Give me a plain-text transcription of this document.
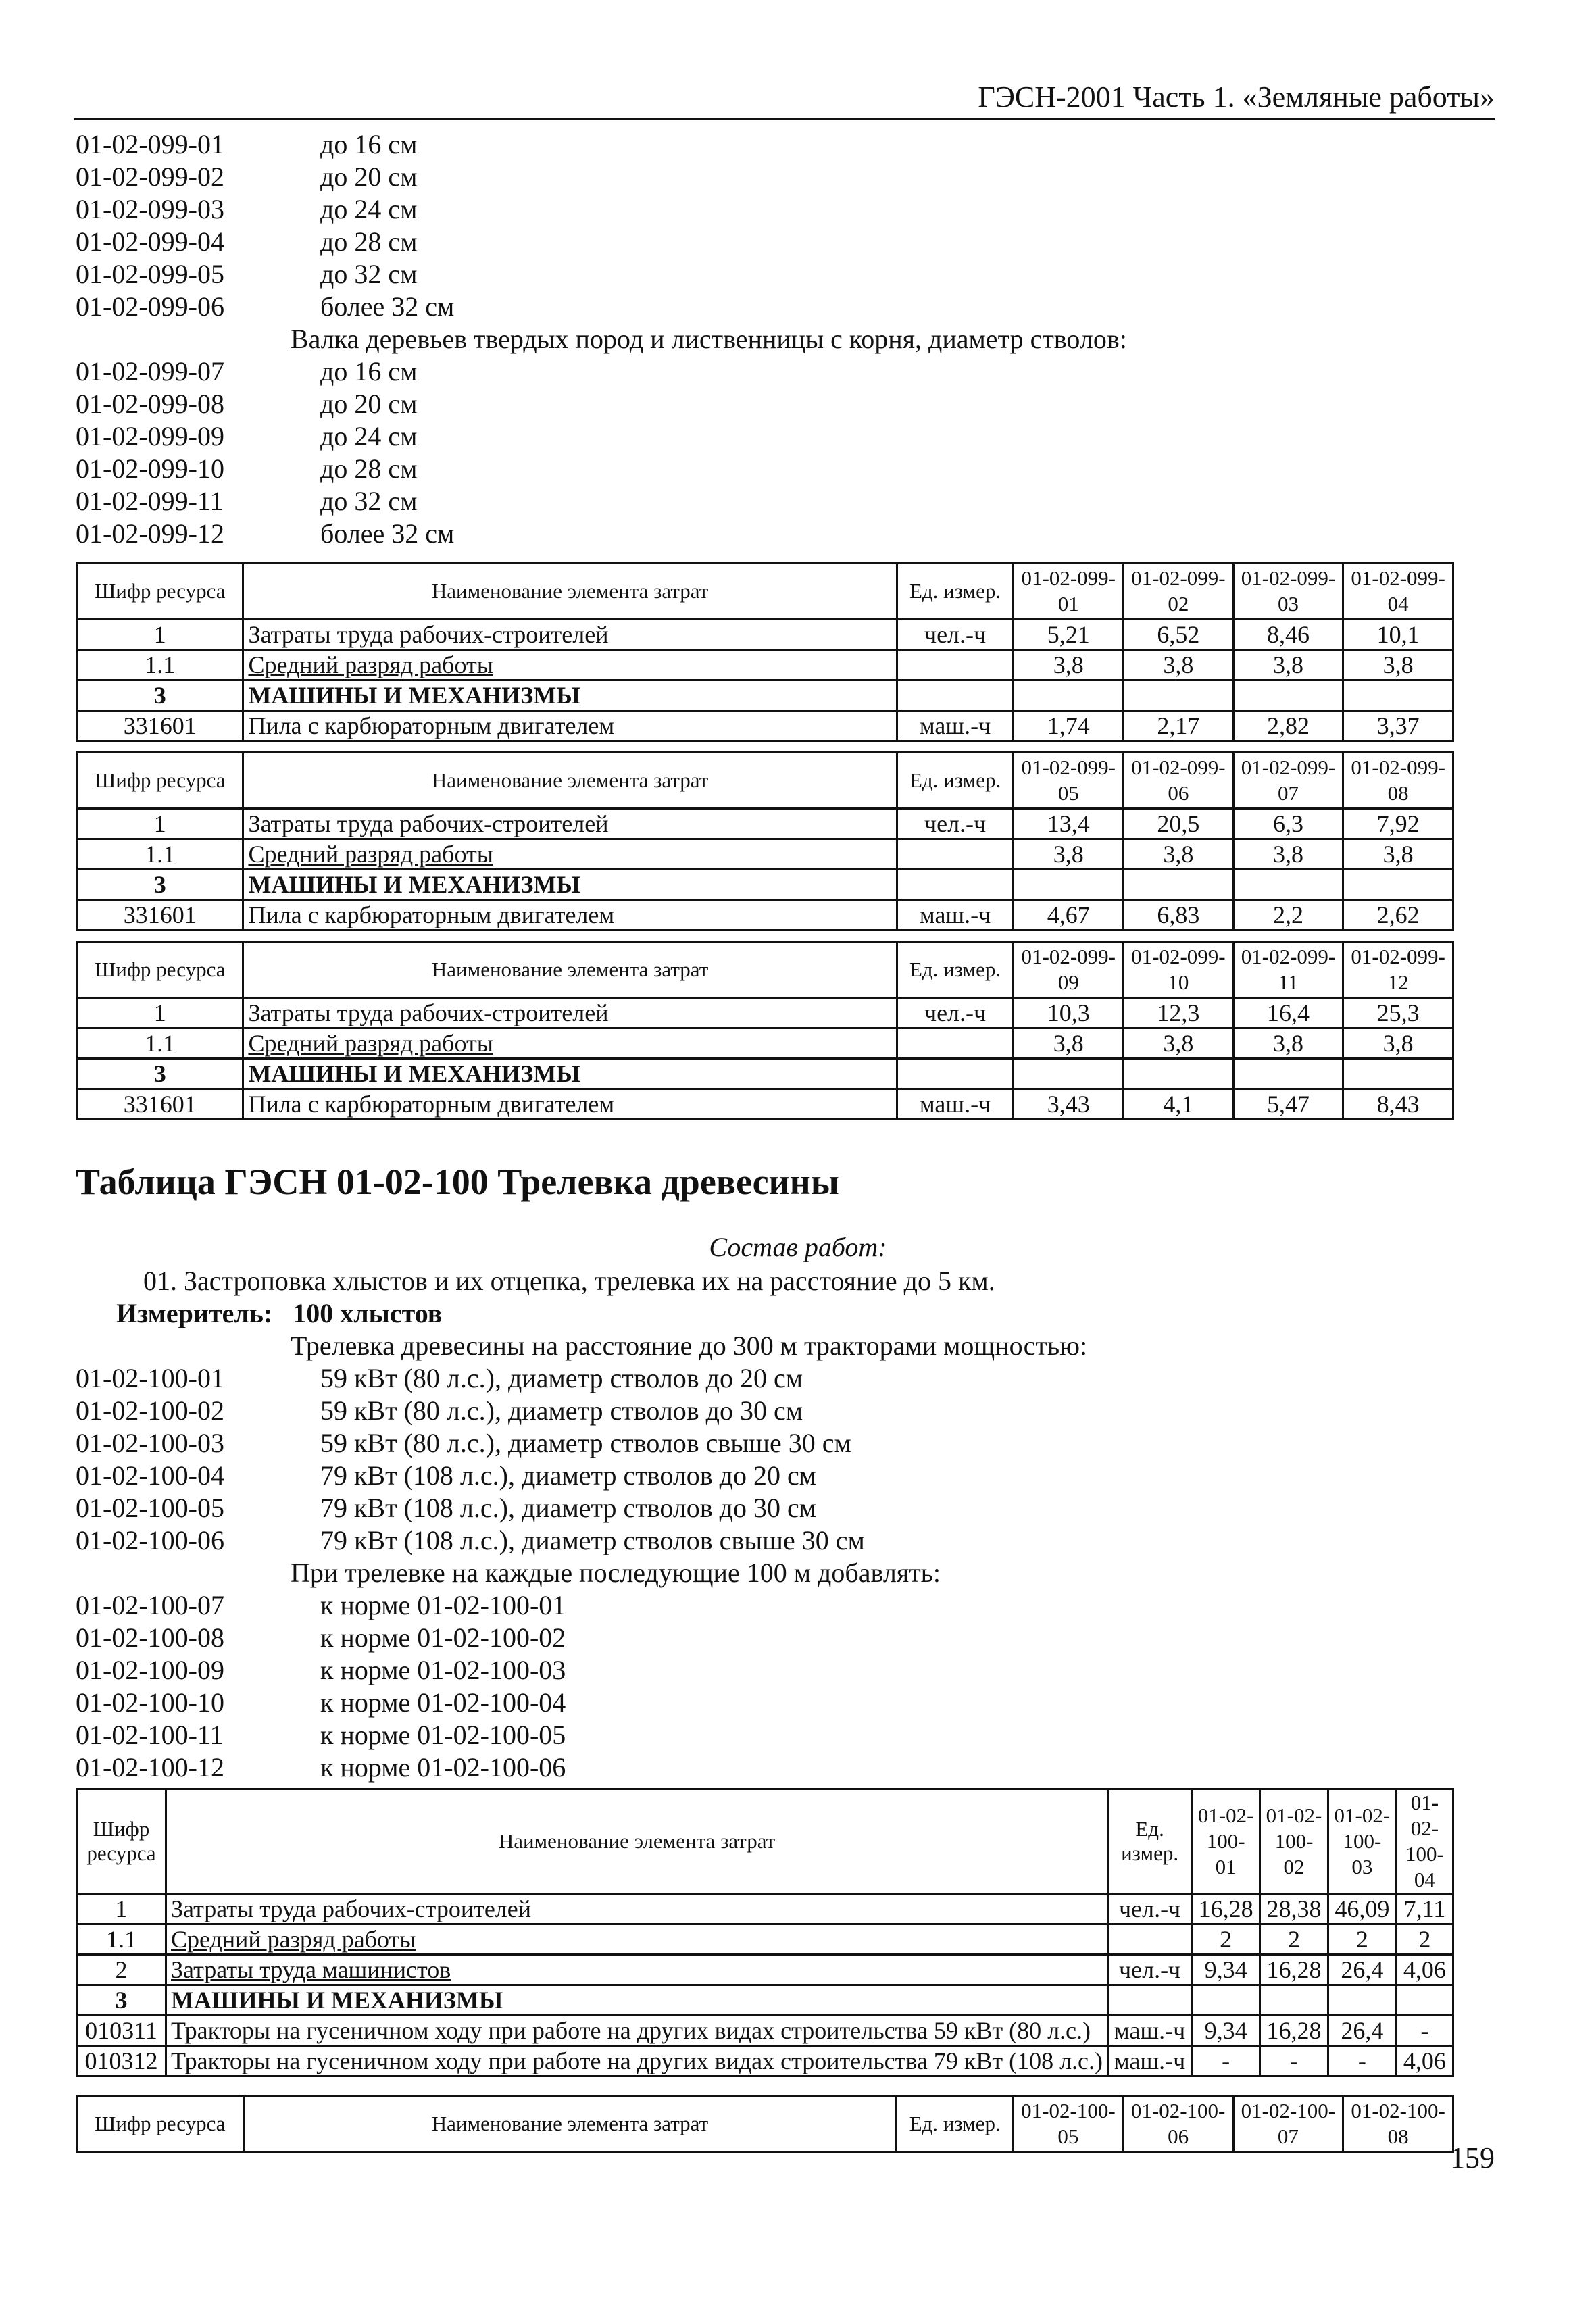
ГЭСН-2001 Часть 1. «Земляные работы»
01-02-099-01	до 16 см
01-02-099-02	до 20 см
01-02-099-03	до 24 см
01-02-099-04	до 28 см
01-02-099-05	до 32 см
01-02-099-06	более 32 см
Валка деревьев твердых пород и лиственницы с корня, диаметр стволов:
01-02-099-07	до 16 см
01-02-099-08	до 20 см
01-02-099-09	до 24 см
01-02-099-10	до 28 см
01-02-099-11	до 32 см
01-02-099-12	более 32 см
Шифр ресурса	Наименование элемента затрат	Ед. измер.	01-02-099-01	01-02-099-02	01-02-099-03	01-02-099-04
1	Затраты труда рабочих-строителей	чел.-ч	5,21	6,52	8,46	10,1
1.1	Средний разряд работы		3,8	3,8	3,8	3,8
3	МАШИНЫ И МЕХАНИЗМЫ					
331601	Пила с карбюраторным двигателем	маш.-ч	1,74	2,17	2,82	3,37
Шифр ресурса	Наименование элемента затрат	Ед. измер.	01-02-099-05	01-02-099-06	01-02-099-07	01-02-099-08
1	Затраты труда рабочих-строителей	чел.-ч	13,4	20,5	6,3	7,92
1.1	Средний разряд работы		3,8	3,8	3,8	3,8
3	МАШИНЫ И МЕХАНИЗМЫ					
331601	Пила с карбюраторным двигателем	маш.-ч	4,67	6,83	2,2	2,62
Шифр ресурса	Наименование элемента затрат	Ед. измер.	01-02-099-09	01-02-099-10	01-02-099-11	01-02-099-12
1	Затраты труда рабочих-строителей	чел.-ч	10,3	12,3	16,4	25,3
1.1	Средний разряд работы		3,8	3,8	3,8	3,8
3	МАШИНЫ И МЕХАНИЗМЫ					
331601	Пила с карбюраторным двигателем	маш.-ч	3,43	4,1	5,47	8,43
Таблица ГЭСН 01-02-100 Трелевка древесины
Состав работ:
01. Застроповка хлыстов и их отцепка, трелевка их на расстояние до 5 км.
Измеритель: 100 хлыстов
Трелевка древесины на расстояние до 300 м тракторами мощностью:
01-02-100-01	59 кВт (80 л.с.), диаметр стволов до 20 см
01-02-100-02	59 кВт (80 л.с.), диаметр стволов до 30 см
01-02-100-03	59 кВт (80 л.с.), диаметр стволов свыше 30 см
01-02-100-04	79 кВт (108 л.с.), диаметр стволов до 20 см
01-02-100-05	79 кВт (108 л.с.), диаметр стволов до 30 см
01-02-100-06	79 кВт (108 л.с.), диаметр стволов свыше 30 см
При трелевке на каждые последующие 100 м добавлять:
01-02-100-07	к норме 01-02-100-01
01-02-100-08	к норме 01-02-100-02
01-02-100-09	к норме 01-02-100-03
01-02-100-10	к норме 01-02-100-04
01-02-100-11	к норме 01-02-100-05
01-02-100-12	к норме 01-02-100-06
Шифр ресурса	Наименование элемента затрат	Ед. измер.	01-02-100-01	01-02-100-02	01-02-100-03	01-02-100-04
1	Затраты труда рабочих-строителей	чел.-ч	16,28	28,38	46,09	7,11
1.1	Средний разряд работы		2	2	2	2
2	Затраты труда машинистов	чел.-ч	9,34	16,28	26,4	4,06
3	МАШИНЫ И МЕХАНИЗМЫ					
010311	Тракторы на гусеничном ходу при работе на других видах строительства 59 кВт (80 л.с.)	маш.-ч	9,34	16,28	26,4	-
010312	Тракторы на гусеничном ходу при работе на других видах строительства 79 кВт (108 л.с.)	маш.-ч	-	-	-	4,06
Шифр ресурса	Наименование элемента затрат	Ед. измер.	01-02-100-05	01-02-100-06	01-02-100-07	01-02-100-08
159
